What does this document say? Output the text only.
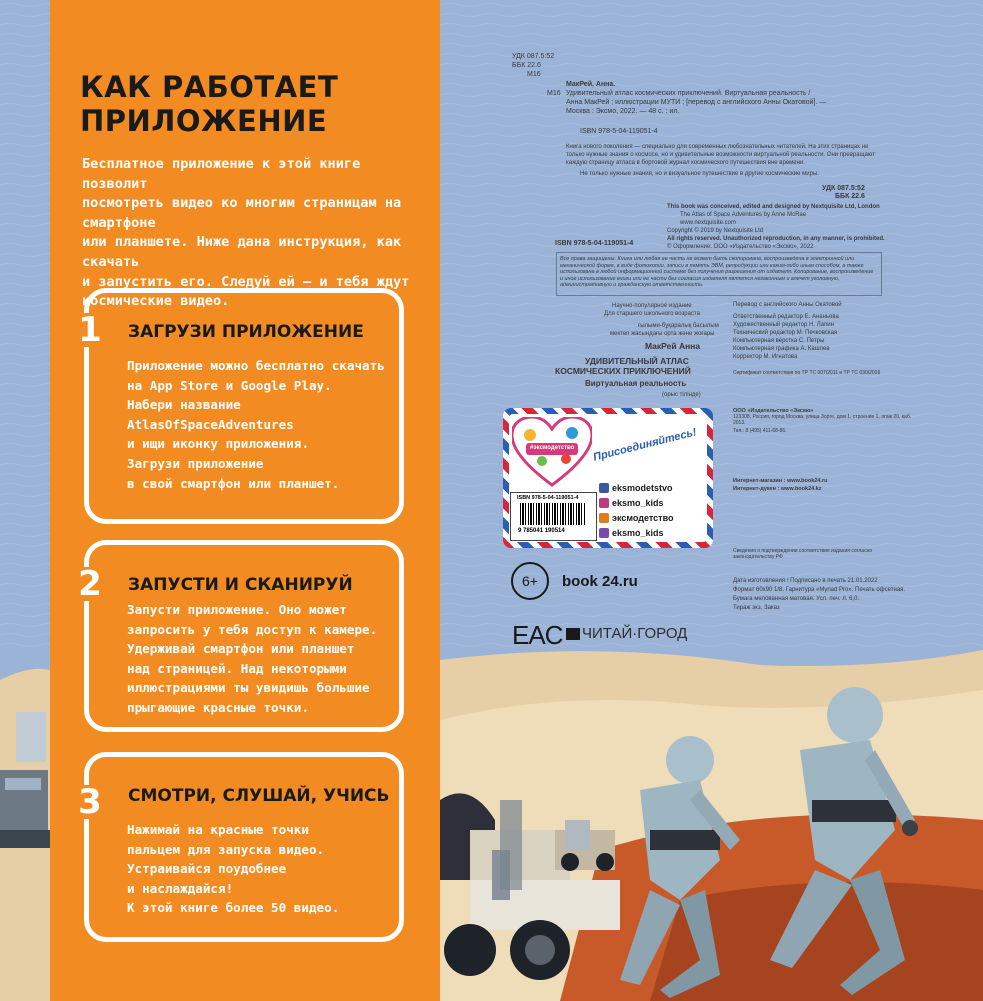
КАК РАБОТАЕТ
ПРИЛОЖЕНИЕ
Бесплатное приложение к этой книге позволит
посмотреть видео ко многим страницам на смартфоне
или планшете. Ниже дана инструкция, как скачать
и запустить его. Следуй ей — и тебя ждут
космические видео.
1 ЗАГРУЗИ ПРИЛОЖЕНИЕ

Приложение можно бесплатно скачать
на App Store и Google Play.
Набери название AtlasOfSpaceAdventures
и ищи иконку приложения.
Загрузи приложение
в свой смартфон или планшет.
2 ЗАПУСТИ И СКАНИРУЙ

Запусти приложение. Оно может
запросить у тебя доступ к камере.
Удерживай смартфон или планшет
над страницей. Над некоторыми
иллюстрациями ты увидишь большие
прыгающие красные точки.
3 СМОТРИ, СЛУШАЙ, УЧИСЬ

Нажимай на красные точки
пальцем для запуска видео.
Устраивайся поудобнее
и наслаждайся!
К этой книге более 50 видео.

УДК 087.5:52

ББК 22.6

М16

МакРей, Анна.

М16 Удивительный атлас космических приключений. Виртуальная реальность /

Анна МакРей ; иллюстрации МУТИ ; [перевод с английского Анны Окатовой]. —

Москва : Эксмо, 2022. — 48 с. : ил.

ISBN 978-5-04-119051-4

Книга нового поколения — специально для современных любознательных читателей. На этих страницах не только нужные знания о космосе, но и удивительные возможности виртуальной реальности. Они превращают каждую страницу атласа в бортовой журнал космического путешествия вне времени.

Не только нужные знания, но и визуальное путешествие в другие космические миры.

УДК 087.5:52

ББК 22.6

This book was conceived, edited and designed by Nextquisite Ltd, London

The Atlas of Space Adventures by Anne McRae

www.nextquisite.com

Copyright © 2019 by Nextquisite Ltd

All rights reserved. Unauthorized reproduction, in any manner, is prohibited.

© Оформление. ООО «Издательство «Эксмо», 2022

ISBN 978-5-04-119051-4

Все права защищены. Книга или любая ее часть не может быть скопирована, воспроизведена в электронной или механической форме, в виде фотокопии, записи в память ЭВМ, репродукции или каким-либо иным способом, а также использована в любой информационной системе без получения разрешения от издателя. Копирование, воспроизведение и иное использование книги или ее части без согласия издателя является незаконным и влечет уголовную, административную и гражданскую ответственность.

Научно-популярное издание

Для старшего школьного возраста

ғылыми-бұқаралық басылым

мектеп жасындағы орта және жоғары

МакРей Анна

УДИВИТЕЛЬНЫЙ АТЛАС

КОСМИЧЕСКИХ ПРИКЛЮЧЕНИЙ

Виртуальная реальность

(орыс тілінде)

Перевод с английского Анны Окатовой

Ответственный редактор Е. Ананьева

Художественный редактор Н. Лапин

Технический редактор М. Печковская

Компьютерная верстка С. Петры

Компьютерная графика А. Кашлев

Корректор М. Игнатова

Сертификат соответствия по ТР ТС 007/2011 и ТР ТС 030/2016

ООО «Издательство «Эксмо»

123308, Россия, город Москва, улица Зорге, дом 1, строение 1, этаж 20, каб. 2013.

Тел.: 8 (495) 411-68-86.

Интернет-магазин : www.book24.ru

Интернет-дүкен : www.book24.kz

Сведения о подтверждении соответствия издания согласно законодательству РФ

Дата изготовления / Подписано в печать 21.01.2022

Формат 60х90 1/8. Гарнитура «Myriad Pro». Печать офсетная.

Бумага мелованная матовая. Усл. печ. л. 6,0.

Тираж экз. Заказ

#эксмодетство Присоединяйтесь!

ISBN 978-5-04-119051-4

9 785041 190514

eksmodetstvo

eksmo_kids

эксмодетство

eksmo_kids

6+	book 24.ru

EAC ЧИТАЙ·ГОРОД
